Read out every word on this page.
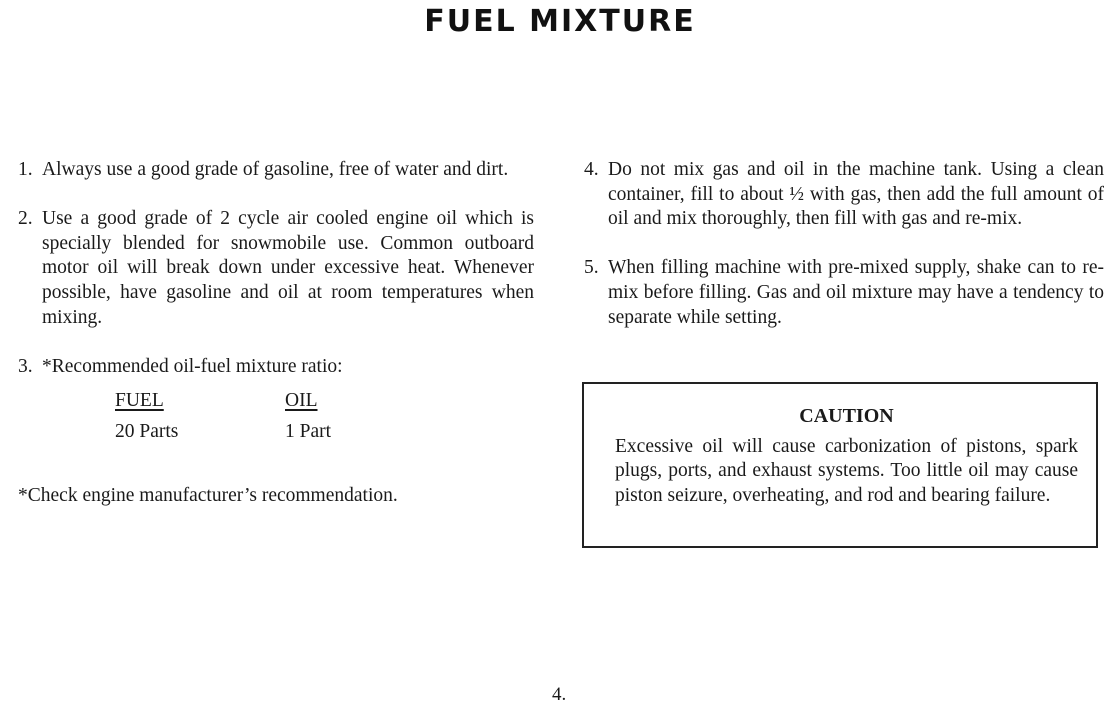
FUEL MIXTURE
1. Always use a good grade of gasoline, free of water and dirt.
2. Use a good grade of 2 cycle air cooled engine oil which is specially blended for snowmobile use. Common outboard motor oil will break down under excessive heat. Whenever possible, have gasoline and oil at room temperatures when mixing.
3. *Recommended oil-fuel mixture ratio:
FUEL
20 Parts
OIL
1 Part
*Check engine manufacturer’s recommendation.
4. Do not mix gas and oil in the machine tank. Using a clean container, fill to about ½ with gas, then add the full amount of oil and mix thoroughly, then fill with gas and re-mix.
5. When filling machine with pre-mixed supply, shake can to re-mix before filling. Gas and oil mixture may have a tendency to separate while setting.
CAUTION
Excessive oil will cause carbonization of pistons, spark plugs, ports, and exhaust systems. Too little oil may cause piston seizure, overheating, and rod and bearing failure.
4.
